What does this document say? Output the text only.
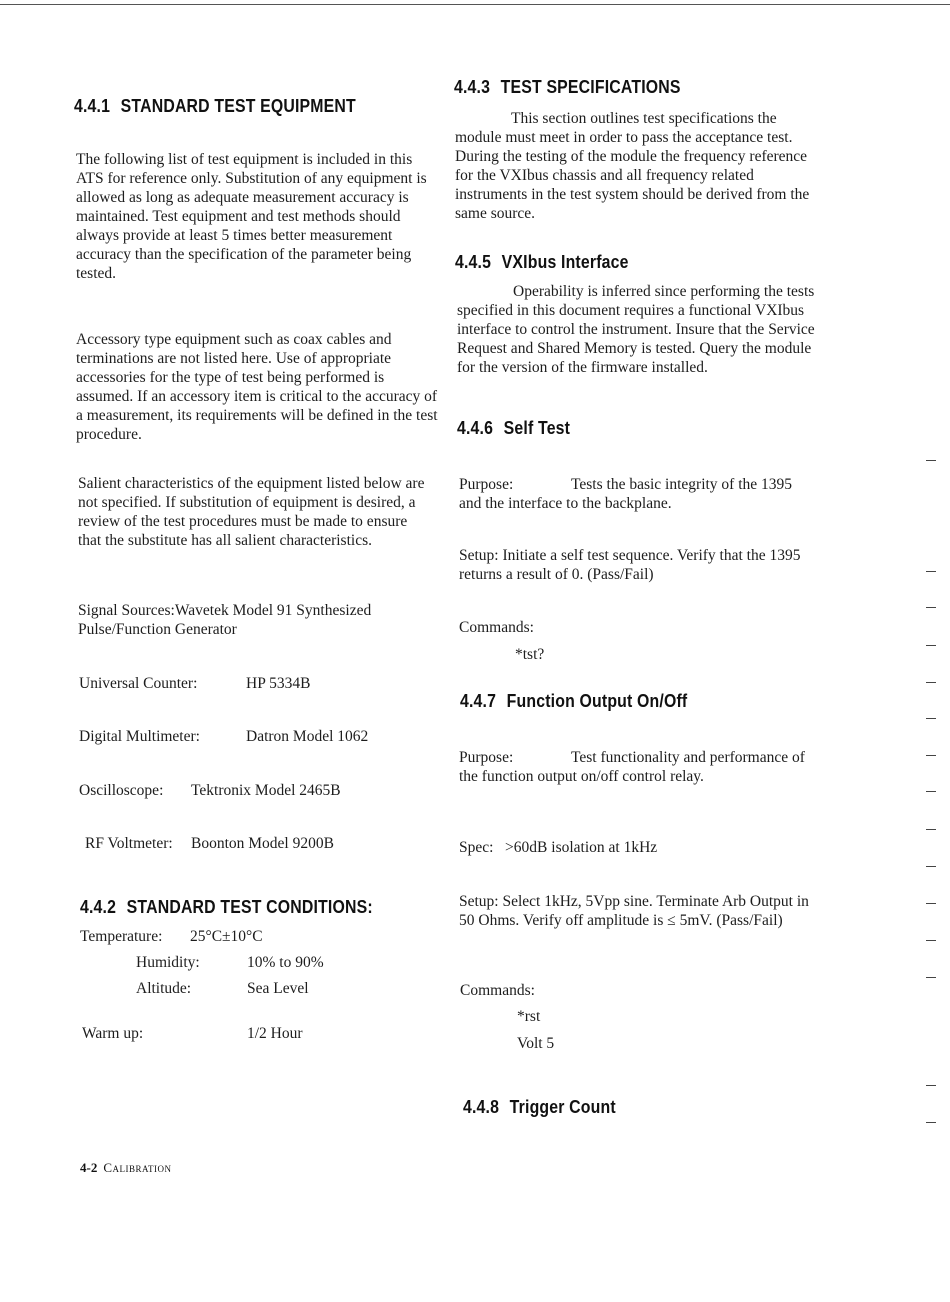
4.4.1 STANDARD TEST EQUIPMENT

The following list of test equipment is included in this ATS for reference only. Substitution of any equipment is allowed as long as adequate measurement accuracy is maintained. Test equipment and test methods should always provide at least 5 times better measurement accuracy than the specification of the parameter being tested.

Accessory type equipment such as coax cables and terminations are not listed here. Use of appropriate accessories for the type of test being performed is assumed. If an accessory item is critical to the accuracy of a measurement, its requirements will be defined in the test procedure.

Salient characteristics of the equipment listed below are not specified. If substitution of equipment is desired, a review of the test procedures must be made to ensure that the substitute has all salient characteristics.

Signal Sources:Wavetek Model 91 Synthesized Pulse/Function Generator

Universal Counter:	HP 5334B
Digital Multimeter:	Datron Model 1062
Oscilloscope: Tektronix Model 2465B
RF Voltmeter: Boonton Model 9200B
4.4.2 STANDARD TEST CONDITIONS:
Temperature: 25°C±10°C
Humidity:	10% to 90%
Altitude:	Sea Level
Warm up:	1/2 Hour
4.4.3 TEST SPECIFICATIONS

This section outlines test specifications the module must meet in order to pass the acceptance test. During the testing of the module the frequency reference for the VXIbus chassis and all frequency related instruments in the test system should be derived from the same source.

4.4.5 VXIbus Interface

Operability is inferred since performing the tests specified in this document requires a functional VXIbus interface to control the instrument. Insure that the Service Request and Shared Memory is tested. Query the module for the version of the firmware installed.

4.4.6 Self Test
Purpose:	Tests the basic integrity of the 1395 and the interface to the backplane.

Setup: Initiate a self test sequence. Verify that the 1395 returns a result of 0. (Pass/Fail)

Commands:
*tst?
4.4.7 Function Output On/Off
Purpose:	Test functionality and performance of the function output on/off control relay.

Spec:   >60dB isolation at 1kHz

Setup: Select 1kHz, 5Vpp sine. Terminate Arb Output in 50 Ohms. Verify off amplitude is ≤ 5mV. (Pass/Fail)

Commands:
*rst
Volt 5
4.4.8 Trigger Count
4-2 Calibration
